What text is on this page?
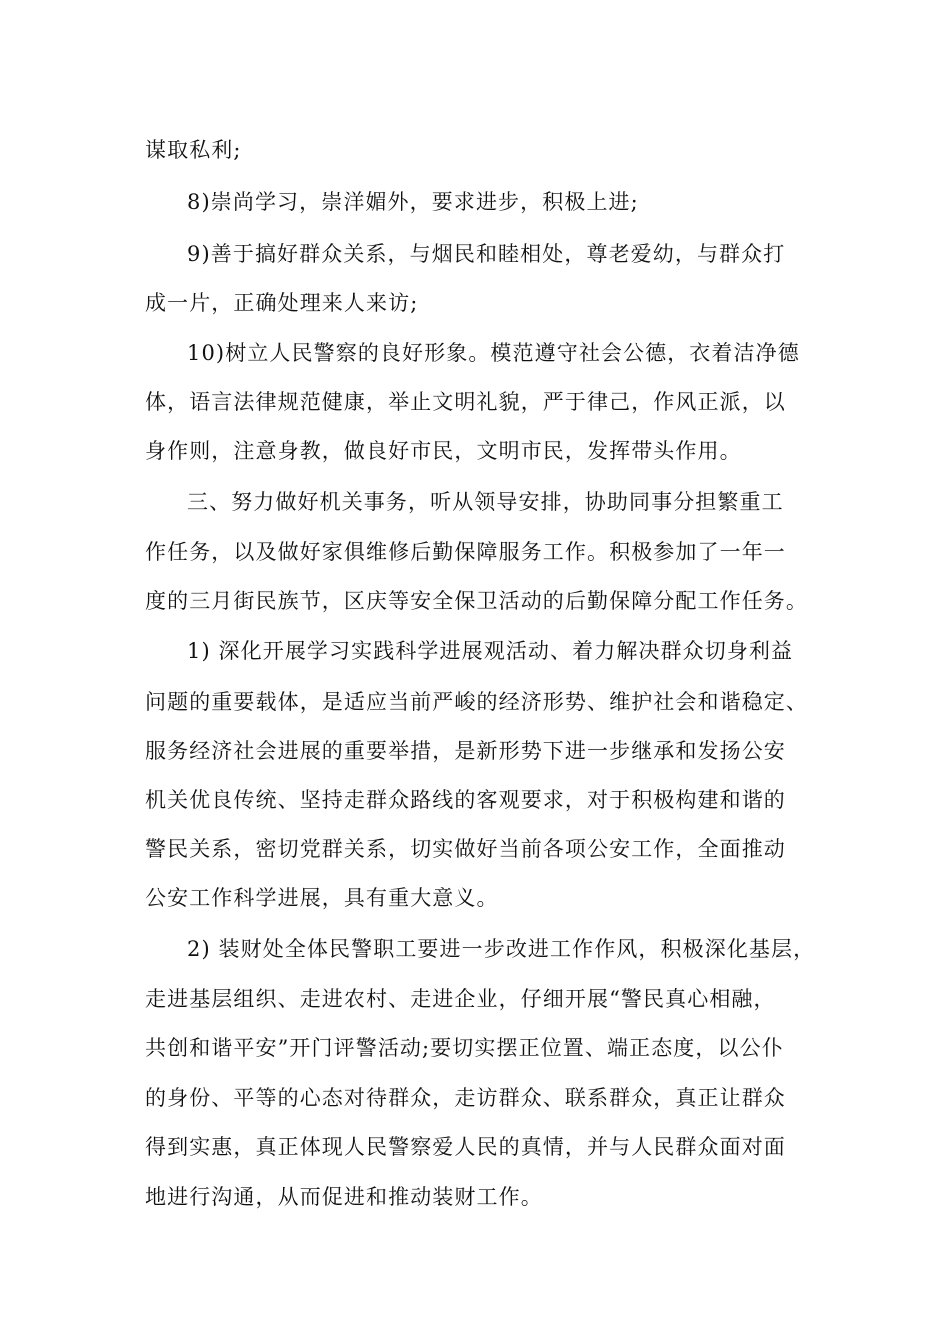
谋取私利;
8)崇尚学习，崇洋媚外，要求进步，积极上进;
9)善于搞好群众关系，与烟民和睦相处，尊老爱幼，与群众打
成一片，正确处理来人来访;
10)树立人民警察的良好形象。模范遵守社会公德，衣着洁净德
体，语言法律规范健康，举止文明礼貌，严于律己，作风正派，以
身作则，注意身教，做良好市民，文明市民，发挥带头作用。
三、努力做好机关事务，听从领导安排，协助同事分担繁重工
作任务，以及做好家俱维修后勤保障服务工作。积极参加了一年一
度的三月街民族节，区庆等安全保卫活动的后勤保障分配工作任务。
1) 深化开展学习实践科学进展观活动、着力解决群众切身利益
问题的重要载体，是适应当前严峻的经济形势、维护社会和谐稳定、
服务经济社会进展的重要举措，是新形势下进一步继承和发扬公安
机关优良传统、坚持走群众路线的客观要求，对于积极构建和谐的
警民关系，密切党群关系，切实做好当前各项公安工作，全面推动
公安工作科学进展，具有重大意义。
2) 装财处全体民警职工要进一步改进工作作风，积极深化基层，
走进基层组织、走进农村、走进企业，仔细开展“警民真心相融，
共创和谐平安”开门评警活动;要切实摆正位置、端正态度，以公仆
的身份、平等的心态对待群众，走访群众、联系群众，真正让群众
得到实惠，真正体现人民警察爱人民的真情，并与人民群众面对面
地进行沟通，从而促进和推动装财工作。
